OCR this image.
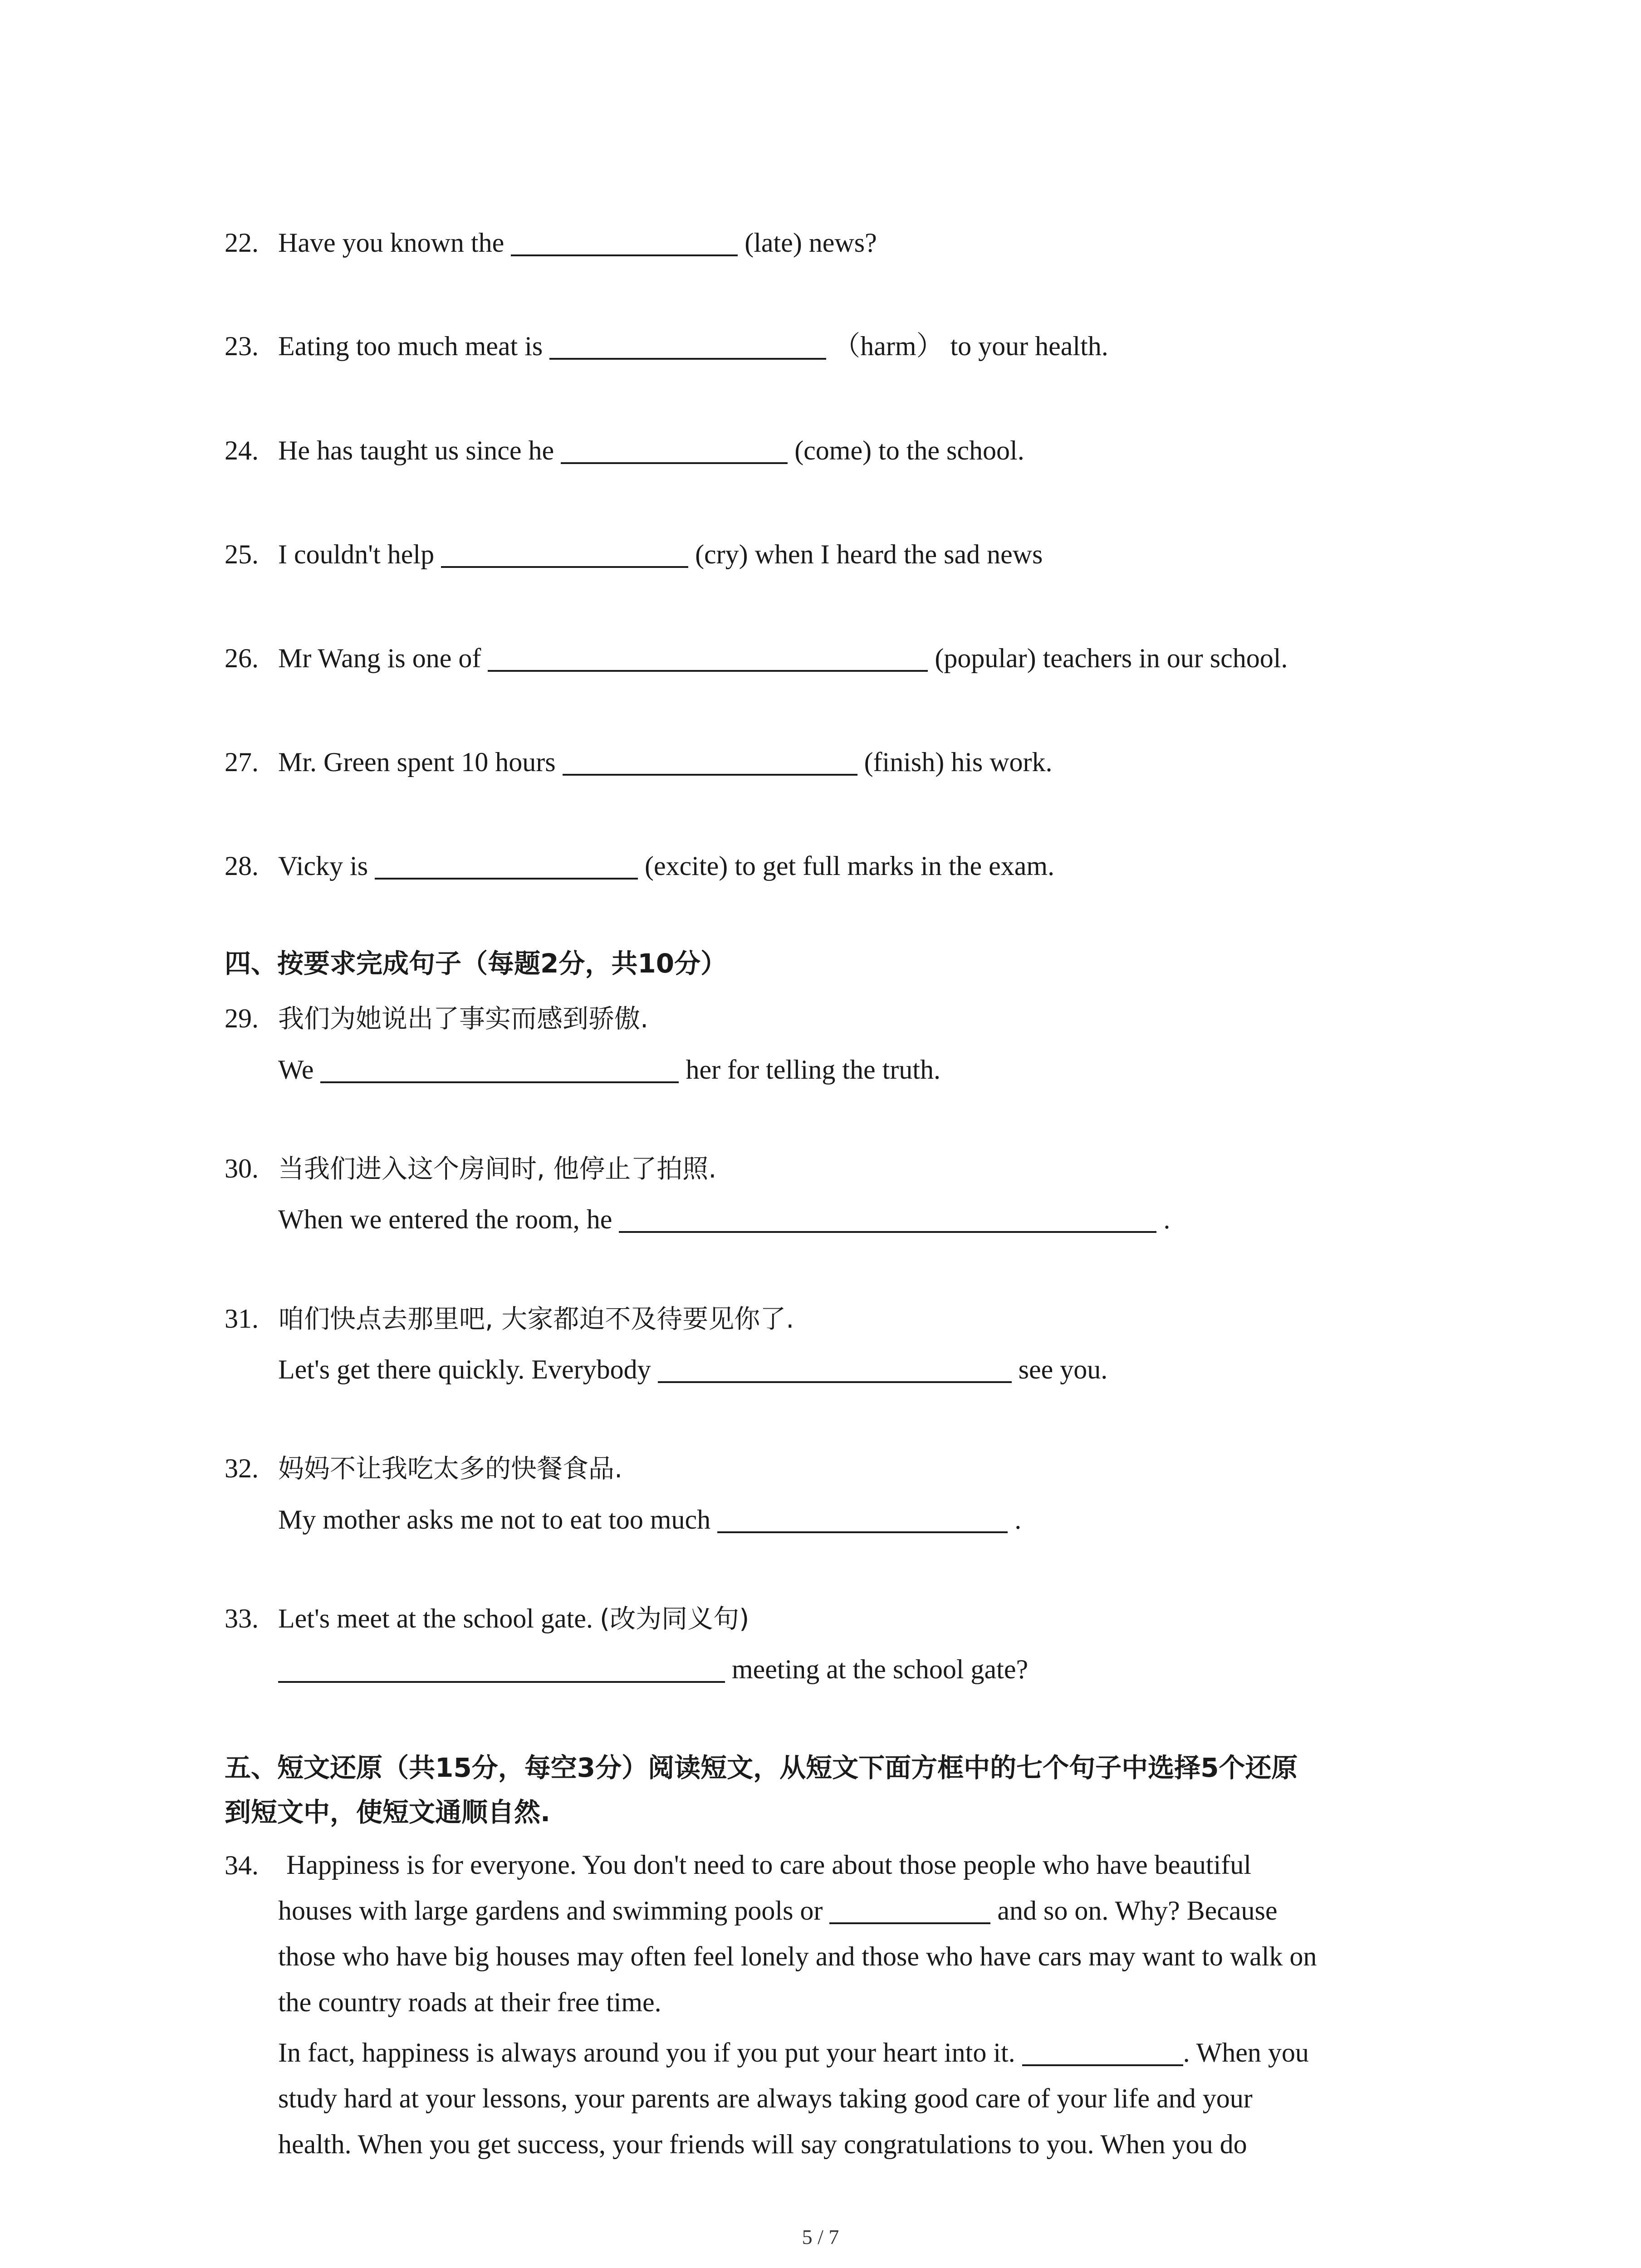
22. Have you known the	(late) news?
23. Eating too much meat is	（harm） to your health.
24. He has taught us since he	(come) to the school.
25. I couldn't help	(cry) when I heard the sad news
26. Mr Wang is one of	(popular) teachers in our school.
27. Mr. Green spent 10 hours	(finish) his work.
28. Vicky is	(excite) to get full marks in the exam.
四、按要求完成句子（每题2分，共10分）
29. 我们为她说出了事实而感到骄傲.
We	her for telling the truth.
30. 当我们进入这个房间时, 他停止了拍照.
When we entered the room, he	.
31. 咱们快点去那里吧, 大家都迫不及待要见你了.
Let's get there quickly. Everybody	see you.
32. 妈妈不让我吃太多的快餐食品.
My mother asks me not to eat too much	.
33. Let's meet at the school gate. (改为同义句)
meeting at the school gate?
五、短文还原（共15分，每空3分）阅读短文，从短文下面方框中的七个句子中选择5个还原
到短文中，使短文通顺自然.
34.	Happiness is for everyone. You don't need to care about those people who have beautiful
houses with large gardens and swimming pools or	and so on. Why? Because
those who have big houses may often feel lonely and those who have cars may want to walk on
the country roads at their free time.
In fact, happiness is always around you if you put your heart into it.	. When you
study hard at your lessons, your parents are always taking good care of your life and your
health. When you get success, your friends will say congratulations to you. When you do
5 / 7
